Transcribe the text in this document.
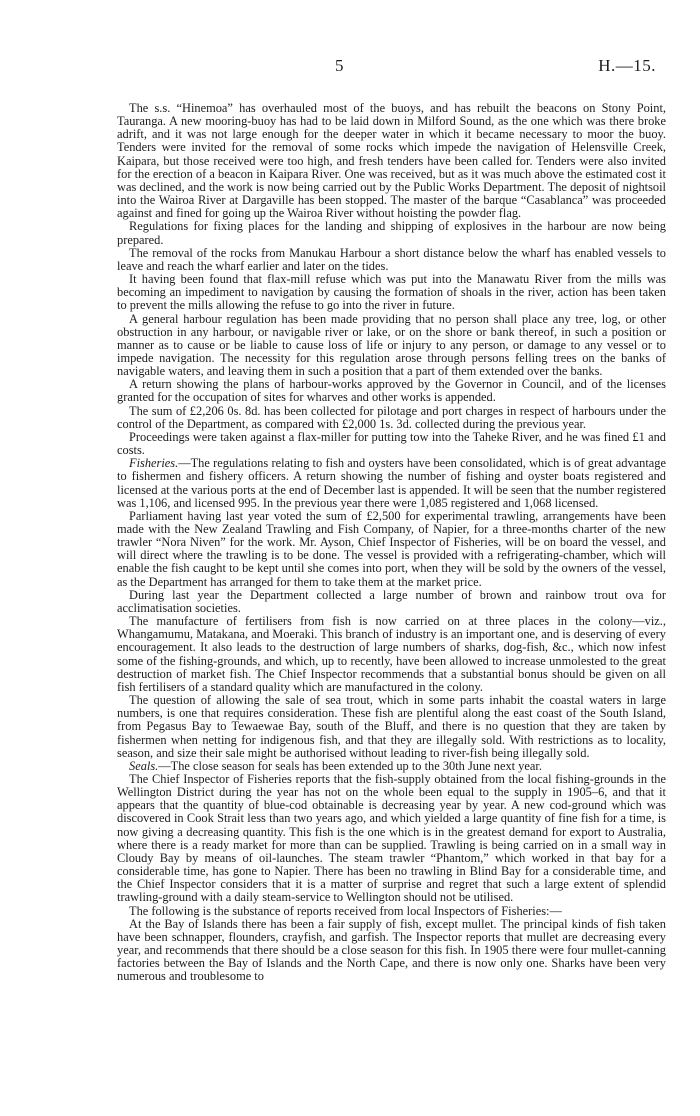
5	H.—15.

The s.s. “Hinemoa” has overhauled most of the buoys, and has rebuilt the beacons on Stony Point, Tauranga. A new mooring-buoy has had to be laid down in Milford Sound, as the one which was there broke adrift, and it was not large enough for the deeper water in which it became necessary to moor the buoy. Tenders were invited for the removal of some rocks which impede the navigation of Helensville Creek, Kaipara, but those received were too high, and fresh tenders have been called for. Tenders were also invited for the erection of a beacon in Kaipara River. One was received, but as it was much above the estimated cost it was declined, and the work is now being carried out by the Public Works Department. The deposit of nightsoil into the Wairoa River at Dargaville has been stopped. The master of the barque “Casablanca” was proceeded against and fined for going up the Wairoa River without hoisting the powder flag.

Regulations for fixing places for the landing and shipping of explosives in the harbour are now being prepared.

The removal of the rocks from Manukau Harbour a short distance below the wharf has enabled vessels to leave and reach the wharf earlier and later on the tides.

It having been found that flax-mill refuse which was put into the Manawatu River from the mills was becoming an impediment to navigation by causing the formation of shoals in the river, action has been taken to prevent the mills allowing the refuse to go into the river in future.

A general harbour regulation has been made providing that no person shall place any tree, log, or other obstruction in any harbour, or navigable river or lake, or on the shore or bank thereof, in such a position or manner as to cause or be liable to cause loss of life or injury to any person, or damage to any vessel or to impede navigation. The necessity for this regulation arose through persons felling trees on the banks of navigable waters, and leaving them in such a position that a part of them extended over the banks.

A return showing the plans of harbour-works approved by the Governor in Council, and of the licenses granted for the occupation of sites for wharves and other works is appended.

The sum of £2,206 0s. 8d. has been collected for pilotage and port charges in respect of harbours under the control of the Department, as compared with £2,000 1s. 3d. collected during the previous year.

Proceedings were taken against a flax-miller for putting tow into the Taheke River, and he was fined £1 and costs.

Fisheries.—The regulations relating to fish and oysters have been consolidated, which is of great advantage to fishermen and fishery officers. A return showing the number of fishing and oyster boats registered and licensed at the various ports at the end of December last is appended. It will be seen that the number registered was 1,106, and licensed 995. In the previous year there were 1,085 registered and 1,068 licensed.

Parliament having last year voted the sum of £2,500 for experimental trawling, arrangements have been made with the New Zealand Trawling and Fish Company, of Napier, for a three-months charter of the new trawler “Nora Niven” for the work. Mr. Ayson, Chief Inspector of Fisheries, will be on board the vessel, and will direct where the trawling is to be done. The vessel is provided with a refrigerating-chamber, which will enable the fish caught to be kept until she comes into port, when they will be sold by the owners of the vessel, as the Department has arranged for them to take them at the market price.

During last year the Department collected a large number of brown and rainbow trout ova for acclimatisation societies.

The manufacture of fertilisers from fish is now carried on at three places in the colony—viz., Whangamumu, Matakana, and Moeraki. This branch of industry is an important one, and is deserving of every encouragement. It also leads to the destruction of large numbers of sharks, dog-fish, &c., which now infest some of the fishing-grounds, and which, up to recently, have been allowed to increase unmolested to the great destruction of market fish. The Chief Inspector recommends that a substantial bonus should be given on all fish fertilisers of a standard quality which are manufactured in the colony.

The question of allowing the sale of sea trout, which in some parts inhabit the coastal waters in large numbers, is one that requires consideration. These fish are plentiful along the east coast of the South Island, from Pegasus Bay to Tewaewae Bay, south of the Bluff, and there is no question that they are taken by fishermen when netting for indigenous fish, and that they are illegally sold. With restrictions as to locality, season, and size their sale might be authorised without leading to river-fish being illegally sold.

Seals.—The close season for seals has been extended up to the 30th June next year.

The Chief Inspector of Fisheries reports that the fish-supply obtained from the local fishing-grounds in the Wellington District during the year has not on the whole been equal to the supply in 1905–6, and that it appears that the quantity of blue-cod obtainable is decreasing year by year. A new cod-ground which was discovered in Cook Strait less than two years ago, and which yielded a large quantity of fine fish for a time, is now giving a decreasing quantity. This fish is the one which is in the greatest demand for export to Australia, where there is a ready market for more than can be supplied. Trawling is being carried on in a small way in Cloudy Bay by means of oil-launches. The steam trawler “Phantom,” which worked in that bay for a considerable time, has gone to Napier. There has been no trawling in Blind Bay for a considerable time, and the Chief Inspector considers that it is a matter of surprise and regret that such a large extent of splendid trawling-ground with a daily steam-service to Wellington should not be utilised.

The following is the substance of reports received from local Inspectors of Fisheries:—

At the Bay of Islands there has been a fair supply of fish, except mullet. The principal kinds of fish taken have been schnapper, flounders, crayfish, and garfish. The Inspector reports that mullet are decreasing every year, and recommends that there should be a close season for this fish. In 1905 there were four mullet-canning factories between the Bay of Islands and the North Cape, and there is now only one. Sharks have been very numerous and troublesome to
